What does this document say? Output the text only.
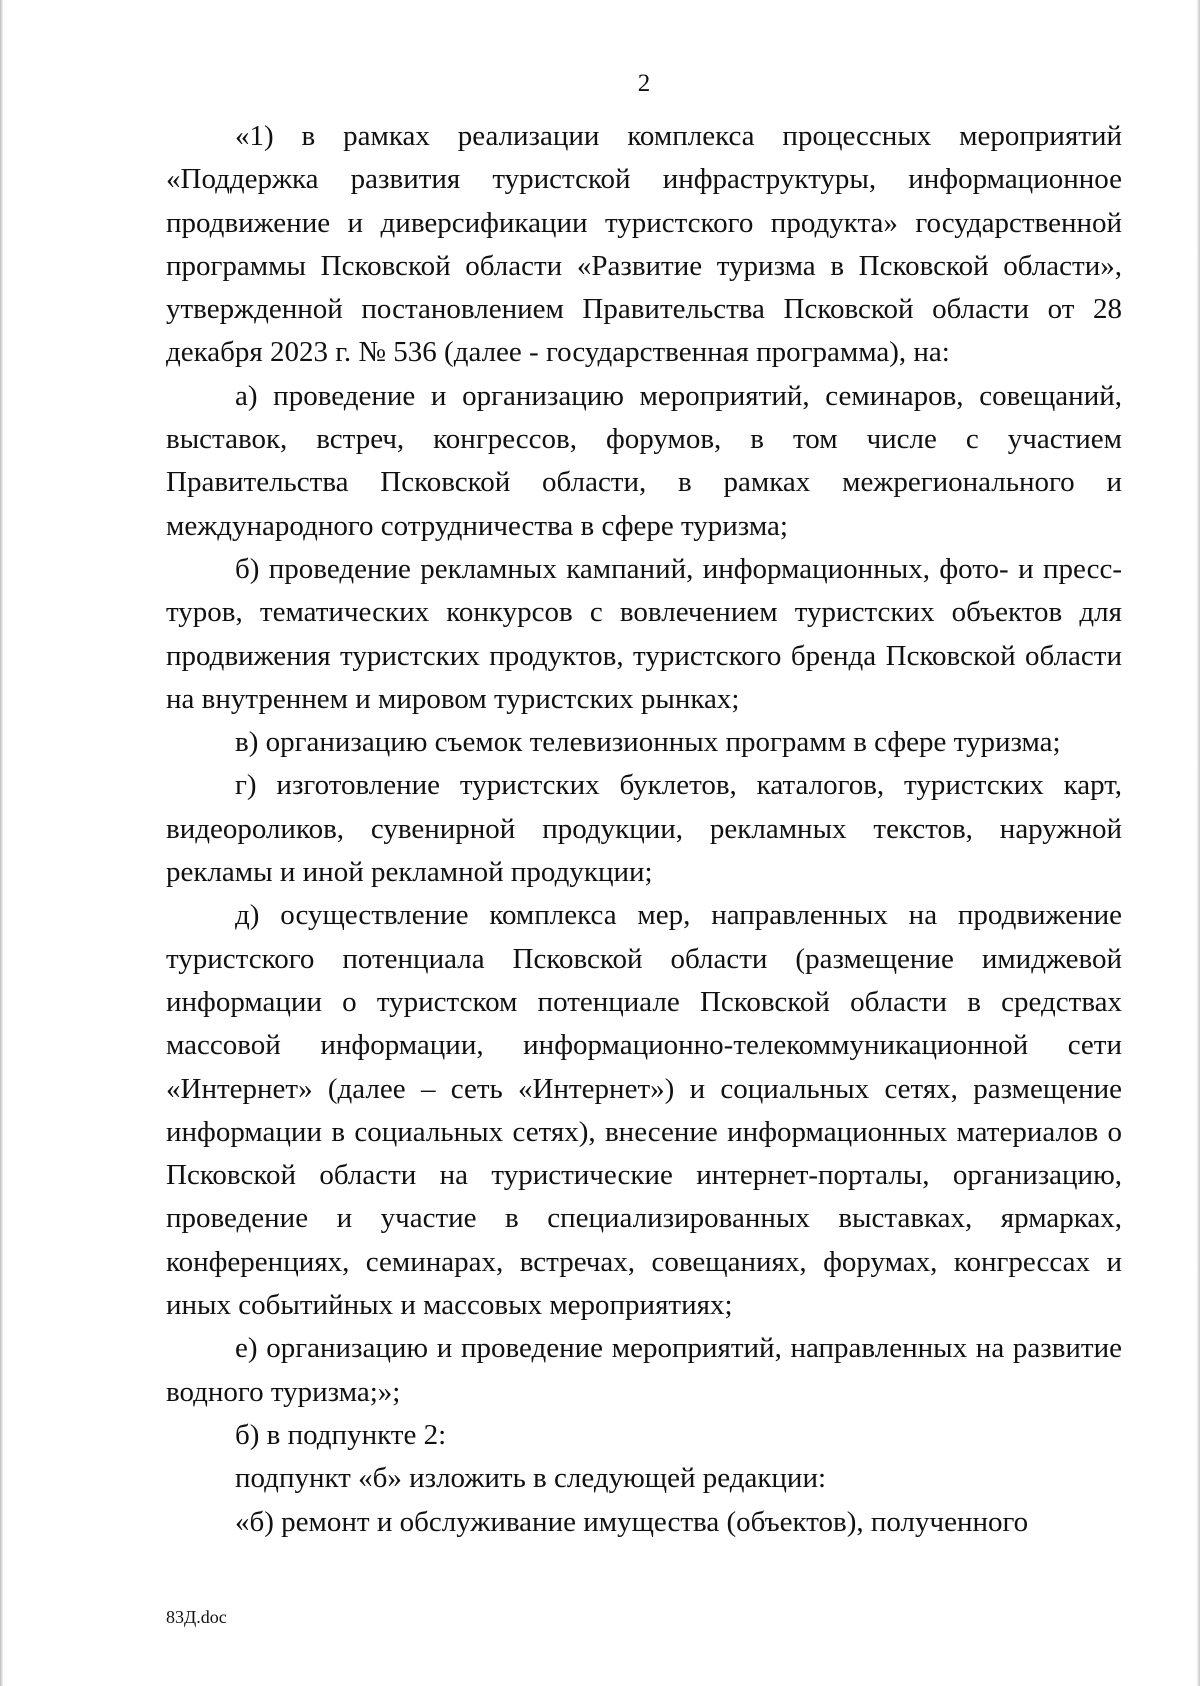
2

«1) в рамках реализации комплекса процессных мероприятий «Поддержка развития туристской инфраструктуры, информационное продвижение и диверсификации туристского продукта» государственной программы Псковской области «Развитие туризма в Псковской области», утвержденной постановлением Правительства Псковской области от 28 декабря 2023 г. № 536 (далее - государственная программа), на:

а) проведение и организацию мероприятий, семинаров, совещаний, выставок, встреч, конгрессов, форумов, в том числе с участием Правительства Псковской области, в рамках межрегионального и международного сотрудничества в сфере туризма;

б) проведение рекламных кампаний, информационных, фото- и пресс-туров, тематических конкурсов с вовлечением туристских объектов для продвижения туристских продуктов, туристского бренда Псковской области на внутреннем и мировом туристских рынках;

в) организацию съемок телевизионных программ в сфере туризма;

г) изготовление туристских буклетов, каталогов, туристских карт, видеороликов, сувенирной продукции, рекламных текстов, наружной рекламы и иной рекламной продукции;

д) осуществление комплекса мер, направленных на продвижение туристского потенциала Псковской области (размещение имиджевой информации о туристском потенциале Псковской области в средствах массовой информации, информационно-телекоммуникационной сети «Интернет» (далее – сеть «Интернет») и социальных сетях, размещение информации в социальных сетях), внесение информационных материалов о Псковской области на туристические интернет-порталы, организацию, проведение и участие в специализированных выставках, ярмарках, конференциях, семинарах, встречах, совещаниях, форумах, конгрессах и иных событийных и массовых мероприятиях;

е) организацию и проведение мероприятий, направленных на развитие водного туризма;»;

б) в подпункте 2:

подпункт «б» изложить в следующей редакции:

«б) ремонт и обслуживание имущества (объектов), полученного

83Д.doc
